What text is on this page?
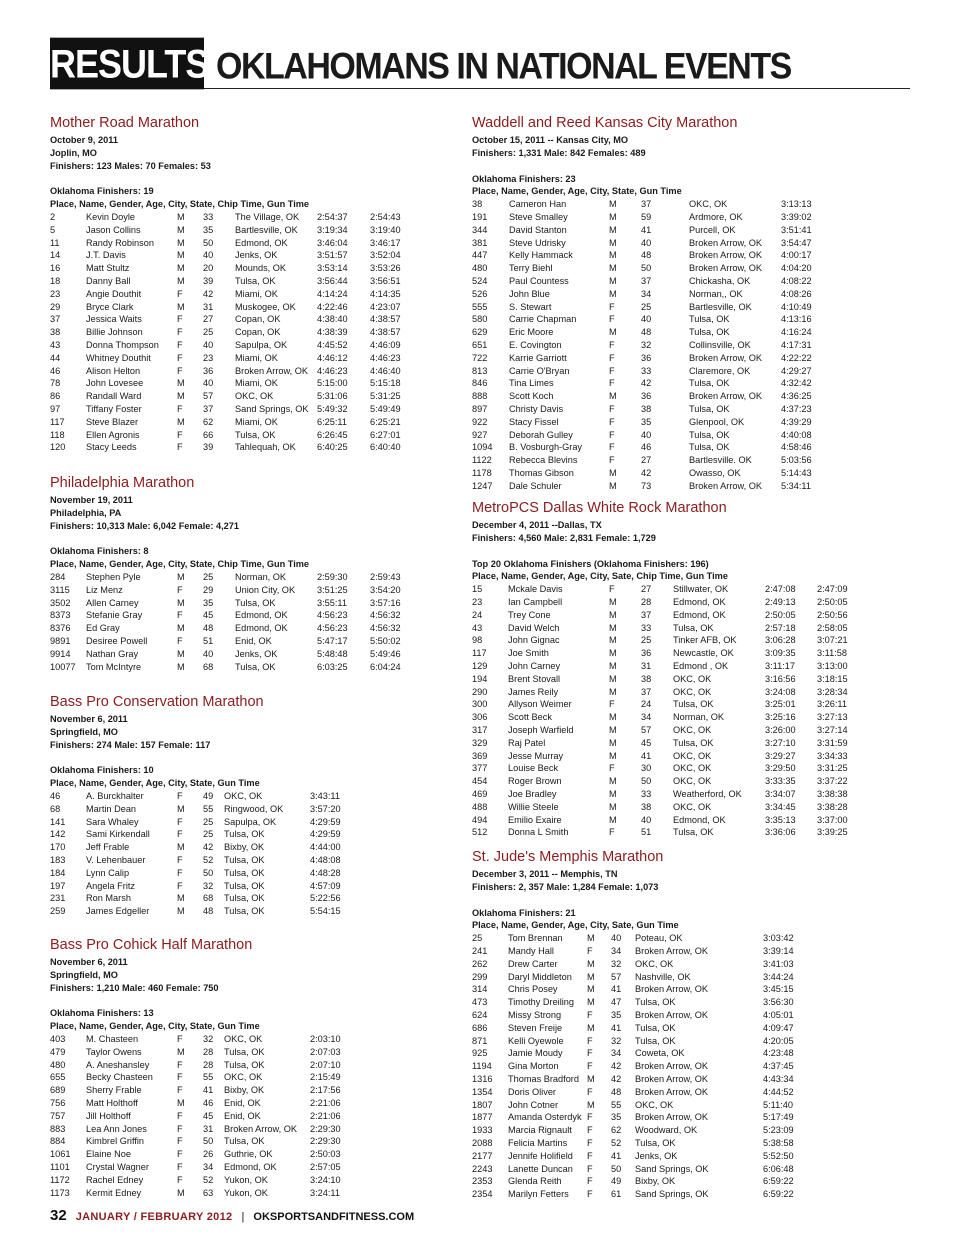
RESULTS OKLAHOMANS IN NATIONAL EVENTS
Mother Road Marathon
October 9, 2011
Joplin, MO
Finishers: 123 Males: 70 Females: 53
Oklahoma Finishers: 19
Place, Name, Gender, Age, City, State, Chip Time, Gun Time
2	Kevin Doyle	M 33 The Village, OK 2:54:37 2:54:43
5	Jason Collins	M 35 Bartlesville, OK 3:19:34 3:19:40
11	Randy Robinson	M 50 Edmond, OK	3:46:04 3:46:17
14	J.T. Davis	M 40 Jenks, OK	3:51:57 3:52:04
16	Matt Stultz	M 20 Mounds, OK	3:53:14 3:53:26
18	Danny Ball	M 39 Tulsa, OK	3:56:44 3:56:51
23	Angie Douthit	F 42 Miami, OK	4:14:24 4:14:35
29	Bryce Clark	M 31 Muskogee, OK 4:22:46 4:23:07
37	Jessica Waits	F 27 Copan, OK	4:38:40 4:38:57
38	Billie Johnson	F 25 Copan, OK	4:38:39 4:38:57
43	Donna Thompson F 40 Sapulpa, OK	4:45:52 4:46:09
44	Whitney Douthit	F 23 Miami, OK	4:46:12 4:46:23
46	Alison Helton	F 36 Broken Arrow, OK 4:46:23 4:46:40
78	John Lovesee	M 40 Miami, OK	5:15:00 5:15:18
86	Randall Ward	M 57 OKC, OK	5:31:06 5:31:25
97	Tiffany Foster	F 37 Sand Springs, OK 5:49:32 5:49:49
117 Steve Blazer	M 62 Miami, OK	6:25:11	6:25:21
118 Ellen Agronis	F 66 Tulsa, OK	6:26:45 6:27:01
120 Stacy Leeds	F 39 Tahlequah, OK 6:40:25 6:40:40
Philadelphia Marathon
November 19, 2011
Philadelphia, PA
Finishers: 10,313 Male: 6,042 Female: 4,271
Oklahoma Finishers: 8
Place, Name, Gender, Age, City, State, Chip Time, Gun Time
284 Stephen Pyle	M 25 Norman, OK	2:59:30 2:59:43
3115 Liz Menz	F 29 Union City, OK 3:51:25 3:54:20
3502 Allen Carney	M 35 Tulsa, OK	3:55:11	3:57:16
8373 Stefanie Gray	F 45 Edmond, OK	4:56:23 4:56:32
8376 Ed Gray	M 48 Edmond, OK	4:56:23 4:56:32
9891 Desiree Powell	F 51 Enid, OK	5:47:17 5:50:02
9914 Nathan Gray	M 40 Jenks, OK	5:48:48 5:49:46
10077 Tom McIntyre	M 68 Tulsa, OK	6:03:25 6:04:24
Bass Pro Conservation Marathon
November 6, 2011
Springfield, MO
Finishers: 274 Male: 157 Female: 117
Oklahoma Finishers: 10
Place, Name, Gender, Age, City, State, Gun Time
46	A. Burckhalter	F 49 OKC, OK	3:43:11
68	Martin Dean	M 55 Ringwood, OK	3:57:20
141 Sara Whaley	F 25 Sapulpa, OK	4:29:59
142 Sami Kirkendall	F 25 Tulsa, OK	4:29:59
170 Jeff Frable	M 42 Bixby, OK	4:44:00
183 V. Lehenbauer	F 52 Tulsa, OK	4:48:08
184 Lynn Calip	F 50 Tulsa, OK	4:48:28
197 Angela Fritz	F 32 Tulsa, OK	4:57:09
231 Ron Marsh	M 68 Tulsa, OK	5:22:56
259 James Edgeller	M 48 Tulsa, OK	5:54:15
Bass Pro Cohick Half Marathon
November 6, 2011
Springfield, MO
Finishers: 1,210 Male: 460 Female: 750
Oklahoma Finishers: 13
Place, Name, Gender, Age, City, State, Gun Time
403 M. Chasteen	F 32 OKC, OK	2:03:10
479 Taylor Owens	M 28 Tulsa, OK	2:07:03
480 A. Aneshansley	F 28 Tulsa, OK	2:07:10
655 Becky Chasteen	F 55 OKC, OK	2:15:49
689 Sherry Frable	F 41 Bixby, OK	2:17:56
756 Matt Holthoff	M 46 Enid, OK	2:21:06
757 Jill Holthoff	F 45 Enid, OK	2:21:06
883 Lea Ann Jones	F 31 Broken Arrow, OK 2:29:30
884 Kimbrel Griffin	F 50 Tulsa, OK	2:29:30
1061 Elaine Noe	F 26 Guthrie, OK	2:50:03
1101 Crystal Wagner	F 34 Edmond, OK	2:57:05
1172 Rachel Edney	F 52 Yukon, OK	3:24:10
1173 Kermit Edney	M 63 Yukon, OK	3:24:11
Waddell and Reed Kansas City Marathon
October 15, 2011 -- Kansas City, MO
Finishers: 1,331 Male: 842 Females: 489
Oklahoma Finishers: 23
Place, Name, Gender, Age, City, State, Gun Time
38	Cameron Han	M	37	OKC, OK	3:13:13
191 Steve Smalley	M	59	Ardmore, OK	3:39:02
344 David Stanton	M	41	Purcell, OK	3:51:41
381 Steve Udrisky	M	40	Broken Arrow, OK 3:54:47
447 Kelly Hammack	M	48	Broken Arrow, OK 4:00:17
480 Terry Biehl	M	50	Broken Arrow, OK 4:04:20
524 Paul Countess	M	37	Chickasha, OK	4:08:22
526 John Blue	M	34	Norman,, OK	4:08:26
555 S. Stewart	F	25	Bartlesville, OK	4:10:49
580 Carrie Chapman	F	40	Tulsa, OK	4:13:16
629 Eric Moore	M	48	Tulsa, OK	4:16:24
651 E. Covington	F	32	Collinsville, OK	4:17:31
722 Karrie Garriott	F	36	Broken Arrow, OK 4:22:22
813 Carrie O'Bryan	F	33	Claremore, OK	4:29:27
846 Tina Limes	F	42	Tulsa, OK	4:32:42
888 Scott Koch	M	36	Broken Arrow, OK 4:36:25
897 Christy Davis	F	38	Tulsa, OK	4:37:23
922 Stacy Fissel	F	35	Glenpool, OK	4:39:29
927 Deborah Gulley	F	40	Tulsa, OK	4:40:08
1094 B. Vosburgh-Gray	F	46	Tulsa, OK	4:58:46
1122 Rebecca Blevins	F	27	Bartlesville. OK	5:03:56
1178 Thomas Gibson	M	42	Owasso, OK	5:14:43
1247 Dale Schuler	M	73	Broken Arrow, OK 5:34:11
MetroPCS Dallas White Rock Marathon
December 4, 2011 --Dallas, TX
Finishers: 4,560 Male: 2,831 Female: 1,729
Top 20 Oklahoma Finishers (Oklahoma Finishers: 196)
Place, Name, Gender, Age, City, Sate, Chip Time, Gun Time
15	Mckale Davis	F	27 Stillwater, OK	2:47:08 2:47:09
23	Ian Campbell	M	28 Edmond, OK	2:49:13 2:50:05
24	Trey Cone	M	37 Edmond, OK	2:50:05 2:50:56
43	David Welch	M	33 Tulsa, OK	2:57:18 2:58:05
98	John Gignac	M	25 Tinker AFB, OK	3:06:28 3:07:21
117 Joe Smith	M	36 Newcastle, OK	3:09:35 3:11:58
129 John Carney	M	31 Edmond , OK	3:11:17 3:13:00
194 Brent Stovall	M	38 OKC, OK	3:16:56 3:18:15
290 James Reily	M	37 OKC, OK	3:24:08 3:28:34
300 Allyson Weimer	F	24 Tulsa, OK	3:25:01 3:26:11
306 Scott Beck	M	34 Norman, OK	3:25:16 3:27:13
317 Joseph Warfield	M	57 OKC, OK	3:26:00 3:27:14
329 Raj Patel	M	45 Tulsa, OK	3:27:10 3:31:59
369 Jesse Murray	M	41 OKC, OK	3:29:27 3:34:33
377 Louise Beck	F	30 OKC, OK	3:29:50 3:31:25
454 Roger Brown	M	50 OKC, OK	3:33:35 3:37:22
469 Joe Bradley	M	33 Weatherford, OK	3:34:07 3:38:38
488 Willie Steele	M	38 OKC, OK	3:34:45 3:38:28
494 Emilio Exaire	M	40 Edmond, OK	3:35:13 3:37:00
512 Donna L Smith	F	51 Tulsa, OK	3:36:06 3:39:25
St. Jude's Memphis Marathon
December 3, 2011 -- Memphis, TN
Finishers: 2, 357 Male: 1,284 Female: 1,073
Oklahoma Finishers: 21
Place, Name, Gender, Age, City, Sate, Gun Time
25	Tom Brennan	M 40 Poteau, OK	3:03:42
241 Mandy Hall	F 34 Broken Arrow, OK	3:39:14
262 Drew Carter	M 32 OKC, OK	3:41:03
299 Daryl Middleton M 57 Nashville, OK	3:44:24
314 Chris Posey	M 41 Broken Arrow, OK	3:45:15
473 Timothy Dreiling M 47 Tulsa, OK	3:56:30
624 Missy Strong	F 35 Broken Arrow, OK	4:05:01
686 Steven Freije	M 41 Tulsa, OK	4:09:47
871 Kelli Oyewole	F 32 Tulsa, OK	4:20:05
925 Jamie Moudy	F 34 Coweta, OK	4:23:48
1194 Gina Morton	F 42 Broken Arrow, OK	4:37:45
1316 Thomas Bradford M 42 Broken Arrow, OK	4:43:34
1354 Doris Oliver	F 48 Broken Arrow, OK	4:44:52
1807 John Cotner	M 55 OKC, OK	5:11:40
1877 Amanda Osterdyk F 35 Broken Arrow, OK	5:17:49
1933 Marcia Rignault F 62 Woodward, OK	5:23:09
2088 Felicia Martins F 52 Tulsa, OK	5:38:58
2177 Jennife Holifield F 41 Jenks, OK	5:52:50
2243 Lanette Duncan F 50 Sand Springs, OK	6:06:48
2353 Glenda Reith	F 49 Bixby, OK	6:59:22
2354 Marilyn Fetters F 61 Sand Springs, OK	6:59:22
32 JANUARY / FEBRUARY 2012 | OKSPORTSANDFITNESS.COM
